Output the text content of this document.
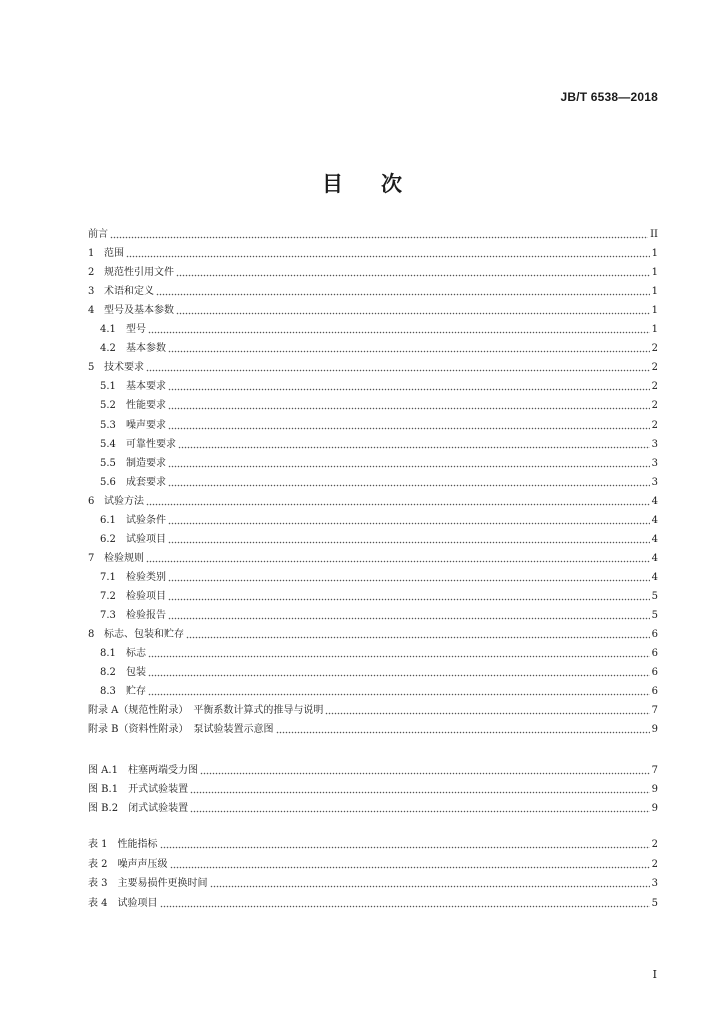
JB/T 6538—2018
目 次
前言	II
1 范围	1
2 规范性引用文件	1
3 术语和定义	1
4 型号及基本参数	1
4.1	型号	1
4.2	基本参数	2
5 技术要求	2
5.1	基本要求	2
5.2	性能要求	2
5.3	噪声要求	2
5.4	可靠性要求	3
5.5	制造要求	3
5.6	成套要求	3
6 试验方法	4
6.1	试验条件	4
6.2	试验项目	4
7 检验规则	4
7.1	检验类别	4
7.2	检验项目	5
7.3	检验报告	5
8 标志、包装和贮存	6
8.1	标志	6
8.2	包装	6
8.3	贮存	6
附录 A（规范性附录）　平衡系数计算式的推导与说明	7
附录 B（资料性附录）　泵试验装置示意图	9
图 A.1　柱塞两端受力图	7
图 B.1　开式试验装置	9
图 B.2　闭式试验装置	9
表 1　性能指标	2
表 2　噪声声压级	2
表 3　主要易损件更换时间	3
表 4　试验项目	5
I
